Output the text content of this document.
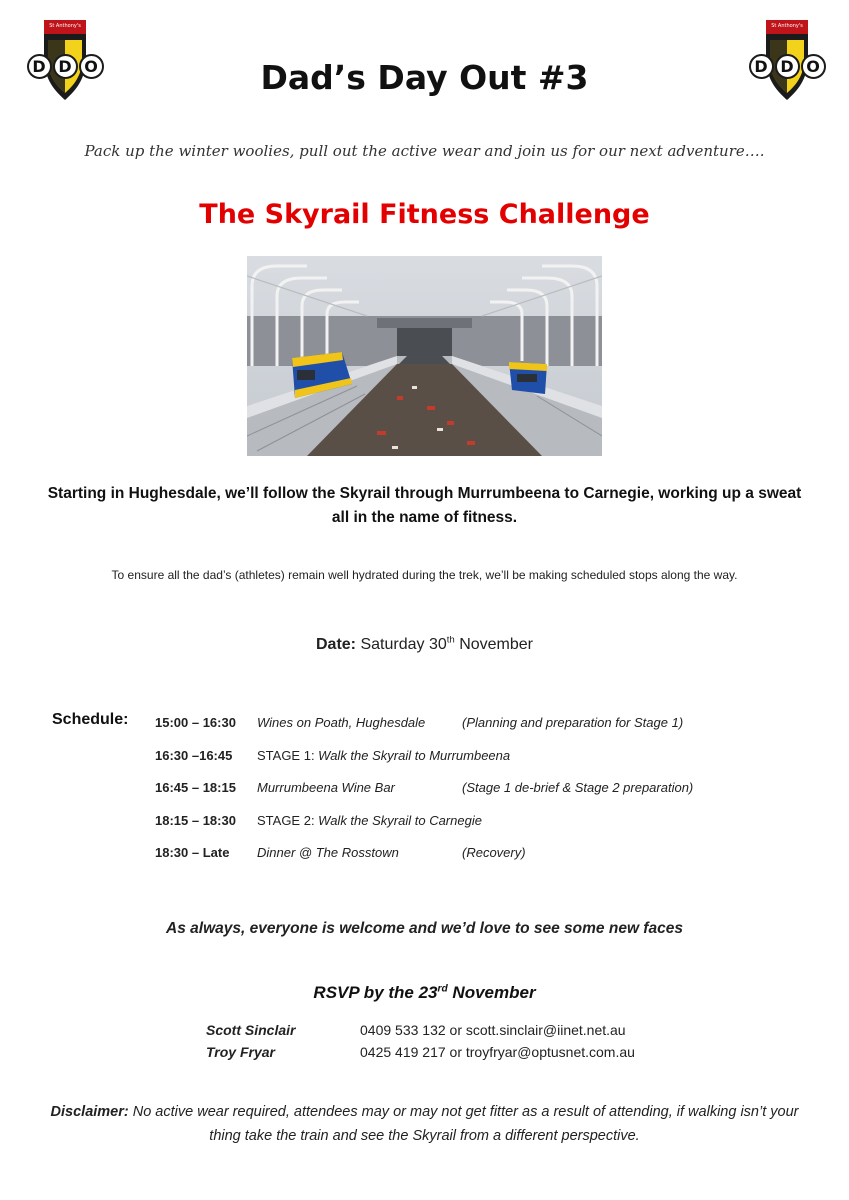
St Anthony's
D D O
St Anthony's
D D O
Dad’s Day Out #3
Pack up the winter woolies, pull out the active wear and join us for our next adventure….
The Skyrail Fitness Challenge
Starting in Hughesdale, we’ll follow the Skyrail through Murrumbeena to Carnegie, working up a sweat all in the name of fitness.
To ensure all the dad’s (athletes) remain well hydrated during the trek, we’ll be making scheduled stops along the way.
Date: Saturday 30th November
Schedule: 15:00 – 16:30	Wines on Poath, Hughesdale	(Planning and preparation for Stage 1)
16:30 –16:45	STAGE 1: Walk the Skyrail to Murrumbeena
16:45 – 18:15	Murrumbeena Wine Bar	(Stage 1 de-brief & Stage 2 preparation)
18:15 – 18:30	STAGE 2: Walk the Skyrail to Carnegie
18:30 – Late	Dinner @ The Rosstown	(Recovery)
As always, everyone is welcome and we’d love to see some new faces
RSVP by the 23rd November
Scott Sinclair	0409 533 132 or scott.sinclair@iinet.net.au
Troy Fryar	0425 419 217 or troyfryar@optusnet.com.au
Disclaimer: No active wear required, attendees may or may not get fitter as a result of attending, if walking isn’t your thing take the train and see the Skyrail from a different perspective.
